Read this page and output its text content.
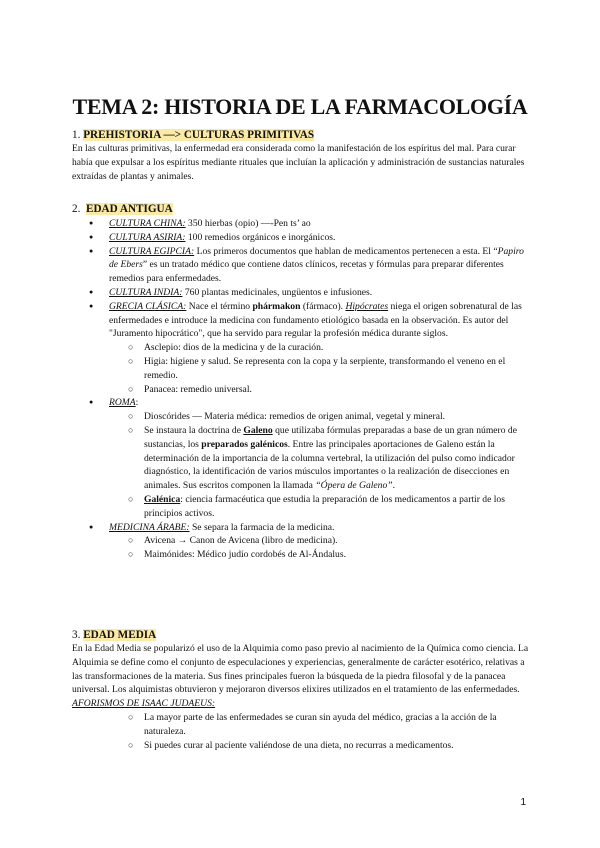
TEMA 2: HISTORIA DE LA FARMACOLOGÍA
1. PREHISTORIA —> CULTURAS PRIMITIVAS

En las culturas primitivas, la enfermedad era considerada como la manifestación de los espíritus del mal. Para curar había que expulsar a los espíritus mediante rituales que incluían la aplicación y administración de sustancias naturales extraídas de plantas y animales.

2. EDAD ANTIGUA
● CULTURA CHINA: 350 hierbas (opio) —-Pen ts’ ao
● CULTURA ASIRIA: 100 remedios orgánicos e inorgánicos.
● CULTURA EGIPCIA: Los primeros documentos que hablan de medicamentos pertenecen a esta. El “Papiro de Ebers” es un tratado médico que contiene datos clínicos, recetas y fórmulas para preparar diferentes remedios para enfermedades.
● CULTURA INDIA: 760 plantas medicinales, ungüentos e infusiones.
● GRECIA CLÁSICA: Nace el término phármakon (fármaco). Hipócrates niega el origen sobrenatural de las enfermedades e introduce la medicina con fundamento etiológico basada en la observación. Es autor del "Juramento hipocrático", que ha servido para regular la profesión médica durante siglos.
○ Asclepio: dios de la medicina y de la curación.
○ Higia: higiene y salud. Se representa con la copa y la serpiente, transformando el veneno en el remedio.
○ Panacea: remedio universal.
● ROMA:
○ Dioscórides — Materia médica: remedios de origen animal, vegetal y mineral.
○ Se instaura la doctrina de Galeno que utilizaba fórmulas preparadas a base de un gran número de sustancias, los preparados galénicos. Entre las principales aportaciones de Galeno están la determinación de la importancia de la columna vertebral, la utilización del pulso como indicador diagnóstico, la identificación de varios músculos importantes o la realización de disecciones en animales. Sus escritos componen la llamada “Ópera de Galeno”.
○ Galénica: ciencia farmacéutica que estudia la preparación de los medicamentos a partir de los principios activos.
● MEDICINA ÁRABE: Se separa la farmacia de la medicina.
○ Avicena → Canon de Avicena (libro de medicina).
○ Maimónides: Médico judío cordobés de Al-Ándalus.
3. EDAD MEDIA

En la Edad Media se popularizó el uso de la Alquimia como paso previo al nacimiento de la Química como ciencia. La Alquimia se define como el conjunto de especulaciones y experiencias, generalmente de carácter esotérico, relativas a las transformaciones de la materia. Sus fines principales fueron la búsqueda de la piedra filosofal y de la panacea universal. Los alquimistas obtuvieron y mejoraron diversos elixires utilizados en el tratamiento de las enfermedades.

AFORISMOS DE ISAAC JUDAEUS:

○ La mayor parte de las enfermedades se curan sin ayuda del médico, gracias a la acción de la naturaleza.
○ Si puedes curar al paciente valiéndose de una dieta, no recurras a medicamentos.
1
